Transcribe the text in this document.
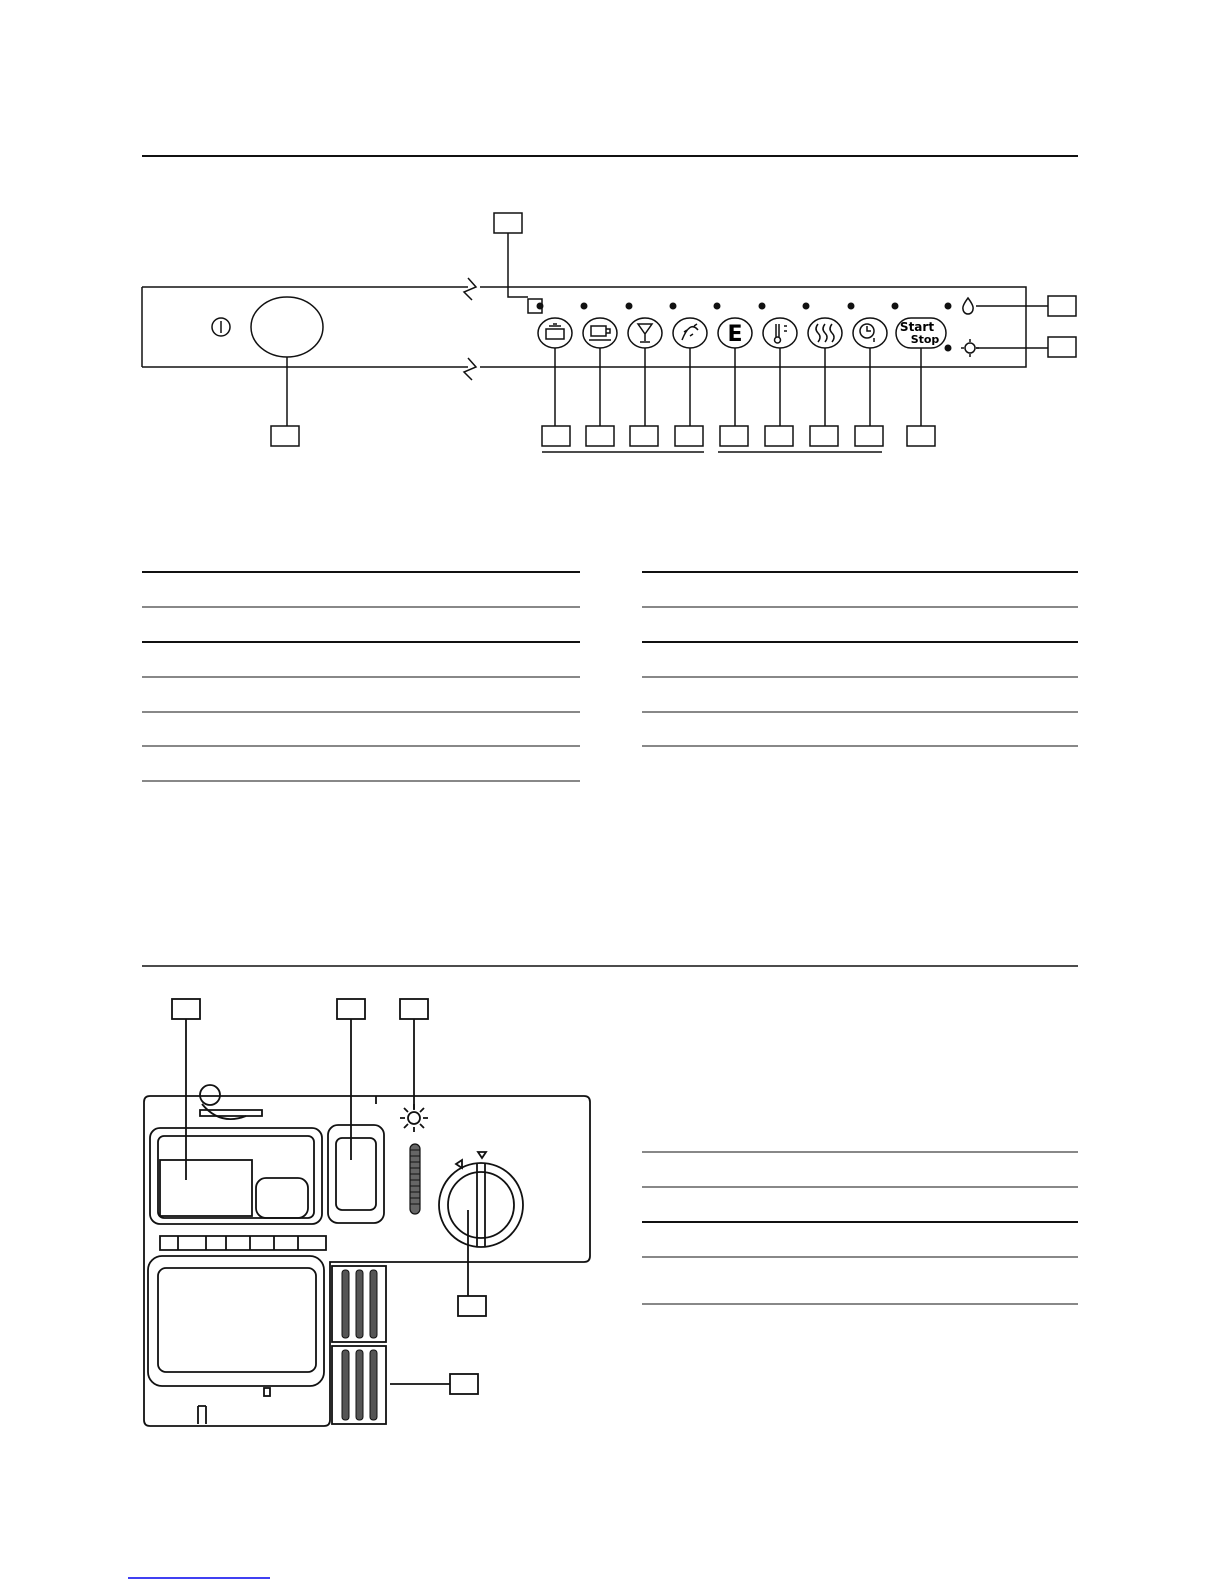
E	Start
Stop
